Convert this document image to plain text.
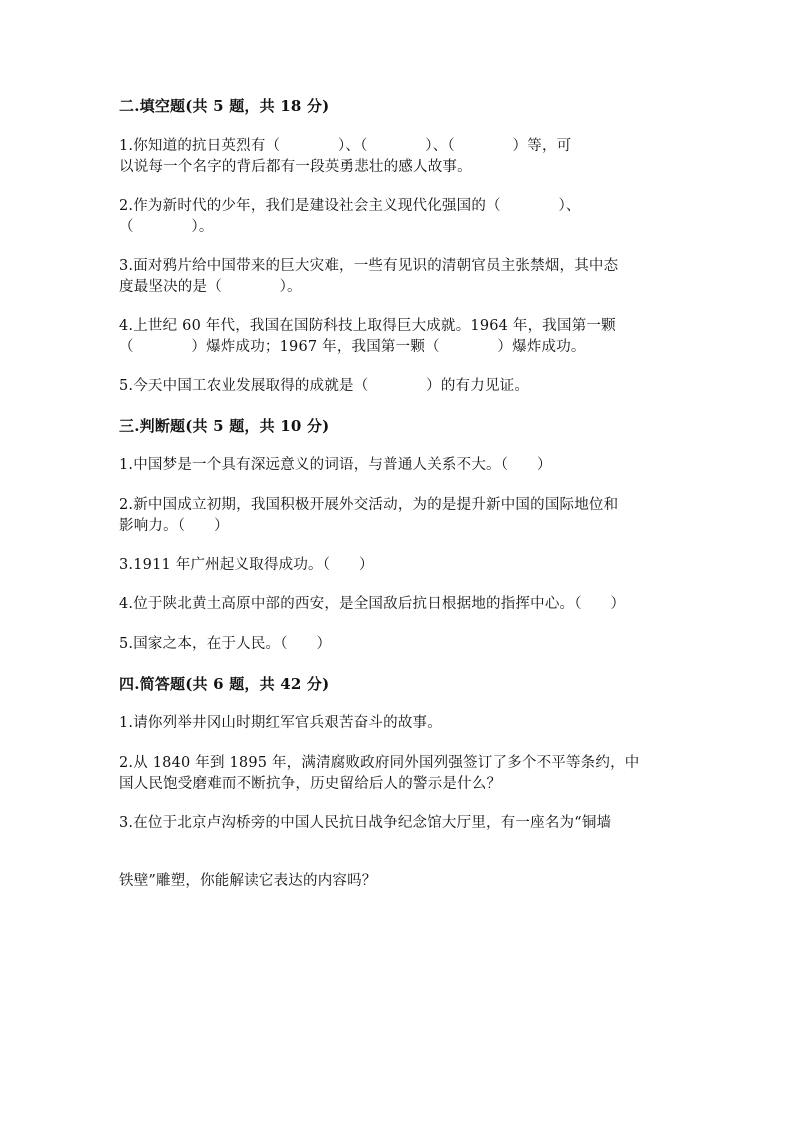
二.填空题(共 5 题，共 18 分)
1.你知道的抗日英烈有（            ）、（            ）、（            ）等，可
以说每一个名字的背后都有一段英勇悲壮的感人故事。
2.作为新时代的少年，我们是建设社会主义现代化强国的（            ）、
（            ）。
3.面对鸦片给中国带来的巨大灾难，一些有见识的清朝官员主张禁烟，其中态
度最坚决的是（            ）。
4.上世纪 60 年代，我国在国防科技上取得巨大成就。1964 年，我国第一颗
（            ）爆炸成功；1967 年，我国第一颗（            ）爆炸成功。
5.今天中国工农业发展取得的成就是（            ）的有力见证。
三.判断题(共 5 题，共 10 分)
1.中国梦是一个具有深远意义的词语，与普通人关系不大。（      ）
2.新中国成立初期，我国积极开展外交活动，为的是提升新中国的国际地位和
影响力。（      ）
3.1911 年广州起义取得成功。（      ）
4.位于陕北黄土高原中部的西安，是全国敌后抗日根据地的指挥中心。（      ）
5.国家之本，在于人民。（      ）
四.简答题(共 6 题，共 42 分)
1.请你列举井冈山时期红军官兵艰苦奋斗的故事。
2.从 1840 年到 1895 年，满清腐败政府同外国列强签订了多个不平等条约，中
国人民饱受磨难而不断抗争，历史留给后人的警示是什么？
3.在位于北京卢沟桥旁的中国人民抗日战争纪念馆大厅里，有一座名为“铜墙
铁壁”雕塑，你能解读它表达的内容吗？
